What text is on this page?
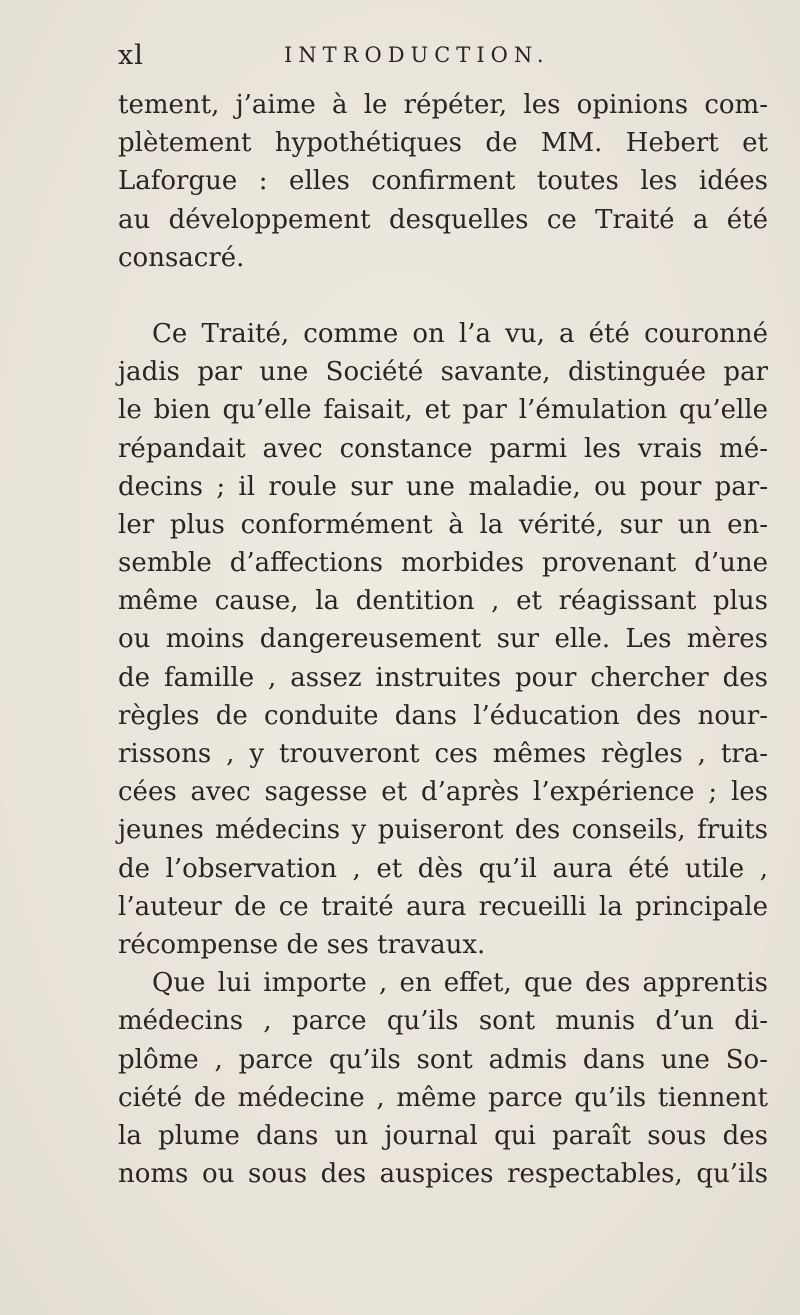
xl	INTRODUCTION.
tement, j’aime à le répéter, les opinions com-
plètement hypothétiques de MM. Hebert et
Laforgue : elles confirment toutes les idées
au développement desquelles ce Traité a été
consacré.
Ce Traité, comme on l’a vu, a été couronné
jadis par une Société savante, distinguée par
le bien qu’elle faisait, et par l’émulation qu’elle
répandait avec constance parmi les vrais mé-
decins ; il roule sur une maladie, ou pour par-
ler plus conformément à la vérité, sur un en-
semble d’affections morbides provenant d’une
même cause, la dentition , et réagissant plus
ou moins dangereusement sur elle. Les mères
de famille , assez instruites pour chercher des
règles de conduite dans l’éducation des nour-
rissons , y trouveront ces mêmes règles , tra-
cées avec sagesse et d’après l’expérience ; les
jeunes médecins y puiseront des conseils, fruits
de l’observation , et dès qu’il aura été utile ,
l’auteur de ce traité aura recueilli la principale
récompense de ses travaux.
Que lui importe , en effet, que des apprentis
médecins , parce qu’ils sont munis d’un di-
plôme , parce qu’ils sont admis dans une So-
ciété de médecine , même parce qu’ils tiennent
la plume dans un journal qui paraît sous des
noms ou sous des auspices respectables, qu’ils
